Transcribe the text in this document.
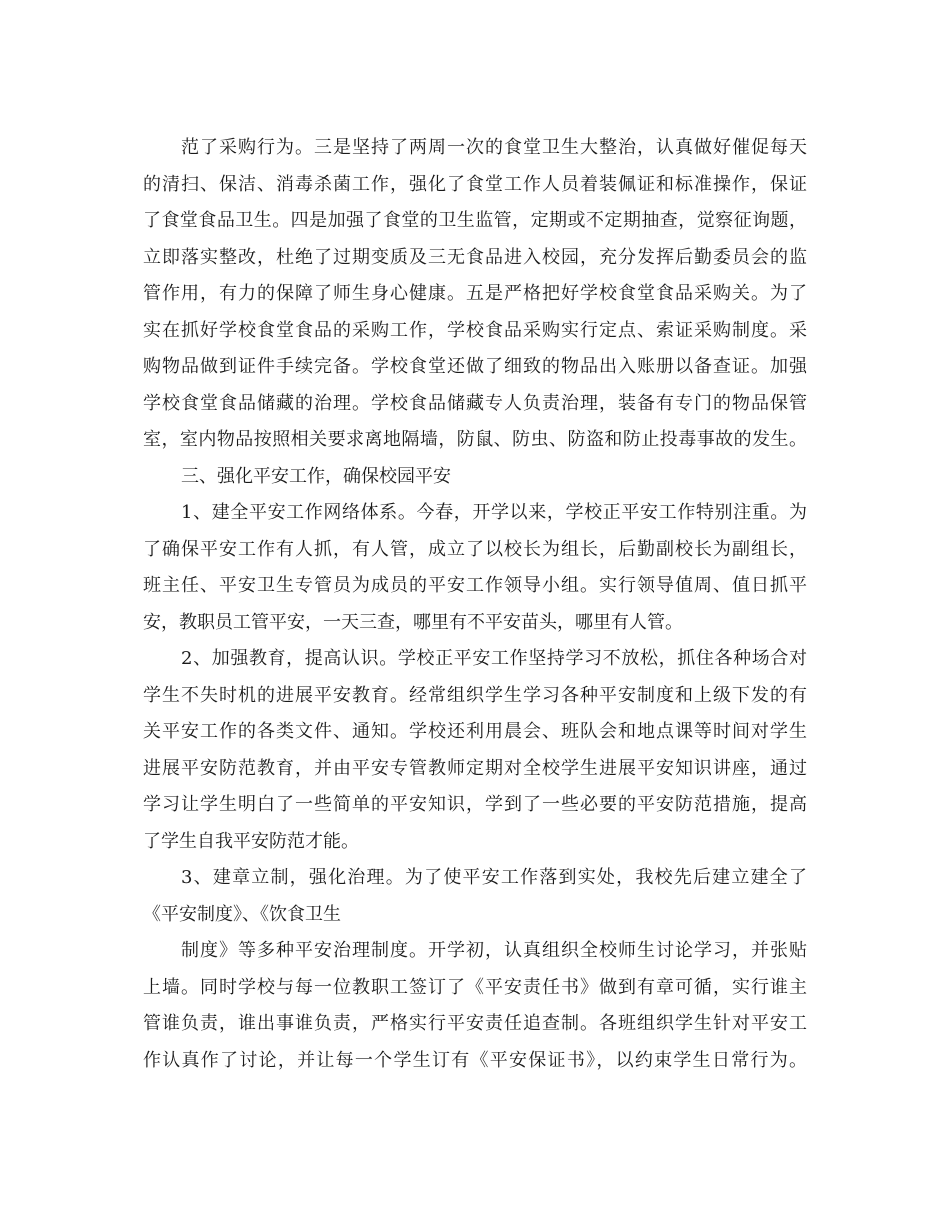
范了采购行为。三是坚持了两周一次的食堂卫生大整治，认真做好催促每天
的清扫、保洁、消毒杀菌工作，强化了食堂工作人员着装佩证和标准操作，保证
了食堂食品卫生。四是加强了食堂的卫生监管，定期或不定期抽查，觉察征询题，
立即落实整改，杜绝了过期变质及三无食品进入校园，充分发挥后勤委员会的监
管作用，有力的保障了师生身心健康。五是严格把好学校食堂食品采购关。为了
实在抓好学校食堂食品的采购工作，学校食品采购实行定点、索证采购制度。采
购物品做到证件手续完备。学校食堂还做了细致的物品出入账册以备查证。加强
学校食堂食品储藏的治理。学校食品储藏专人负责治理，装备有专门的物品保管
室，室内物品按照相关要求离地隔墙，防鼠、防虫、防盗和防止投毒事故的发生。
三、强化平安工作，确保校园平安
1、建全平安工作网络体系。今春，开学以来，学校正平安工作特别注重。为
了确保平安工作有人抓，有人管，成立了以校长为组长，后勤副校长为副组长，
班主任、平安卫生专管员为成员的平安工作领导小组。实行领导值周、值日抓平
安，教职员工管平安，一天三查，哪里有不平安苗头，哪里有人管。
2、加强教育，提高认识。学校正平安工作坚持学习不放松，抓住各种场合对
学生不失时机的进展平安教育。经常组织学生学习各种平安制度和上级下发的有
关平安工作的各类文件、通知。学校还利用晨会、班队会和地点课等时间对学生
进展平安防范教育，并由平安专管教师定期对全校学生进展平安知识讲座，通过
学习让学生明白了一些简单的平安知识，学到了一些必要的平安防范措施，提高
了学生自我平安防范才能。
3、建章立制，强化治理。为了使平安工作落到实处，我校先后建立建全了
《平安制度》、《饮食卫生
制度》等多种平安治理制度。开学初，认真组织全校师生讨论学习，并张贴
上墙。同时学校与每一位教职工签订了《平安责任书》做到有章可循，实行谁主
管谁负责，谁出事谁负责，严格实行平安责任追查制。各班组织学生针对平安工
作认真作了讨论，并让每一个学生订有《平安保证书》，以约束学生日常行为。
